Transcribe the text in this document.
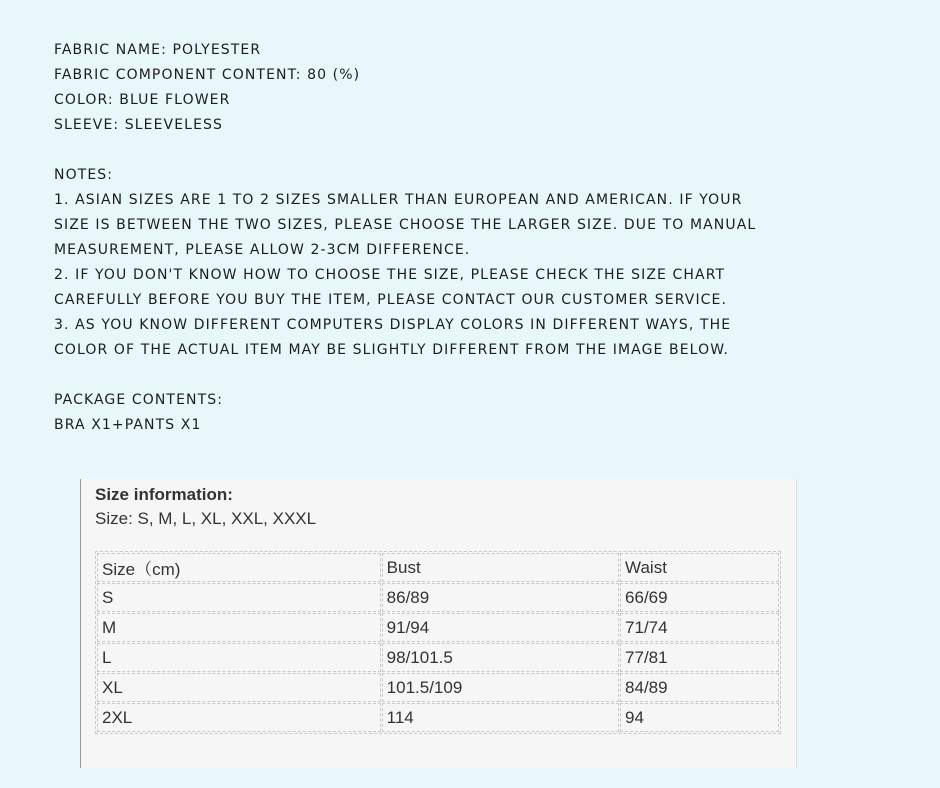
FABRIC NAME: POLYESTER
FABRIC COMPONENT CONTENT: 80 (%)
COLOR: BLUE FLOWER
SLEEVE: SLEEVELESS
NOTES:
1. ASIAN SIZES ARE 1 TO 2 SIZES SMALLER THAN EUROPEAN AND AMERICAN. IF YOUR
SIZE IS BETWEEN THE TWO SIZES, PLEASE CHOOSE THE LARGER SIZE. DUE TO MANUAL
MEASUREMENT, PLEASE ALLOW 2-3CM DIFFERENCE.
2. IF YOU DON'T KNOW HOW TO CHOOSE THE SIZE, PLEASE CHECK THE SIZE CHART
CAREFULLY BEFORE YOU BUY THE ITEM, PLEASE CONTACT OUR CUSTOMER SERVICE.
3. AS YOU KNOW DIFFERENT COMPUTERS DISPLAY COLORS IN DIFFERENT WAYS, THE
COLOR OF THE ACTUAL ITEM MAY BE SLIGHTLY DIFFERENT FROM THE IMAGE BELOW.
PACKAGE CONTENTS:
BRA X1+PANTS X1
Size information:
Size: S, M, L, XL, XXL, XXXL
Size（cm)	Bust	Waist
S	86/89	66/69
M	91/94	71/74
L	98/101.5	77/81
XL	101.5/109	84/89
2XL	114	94
